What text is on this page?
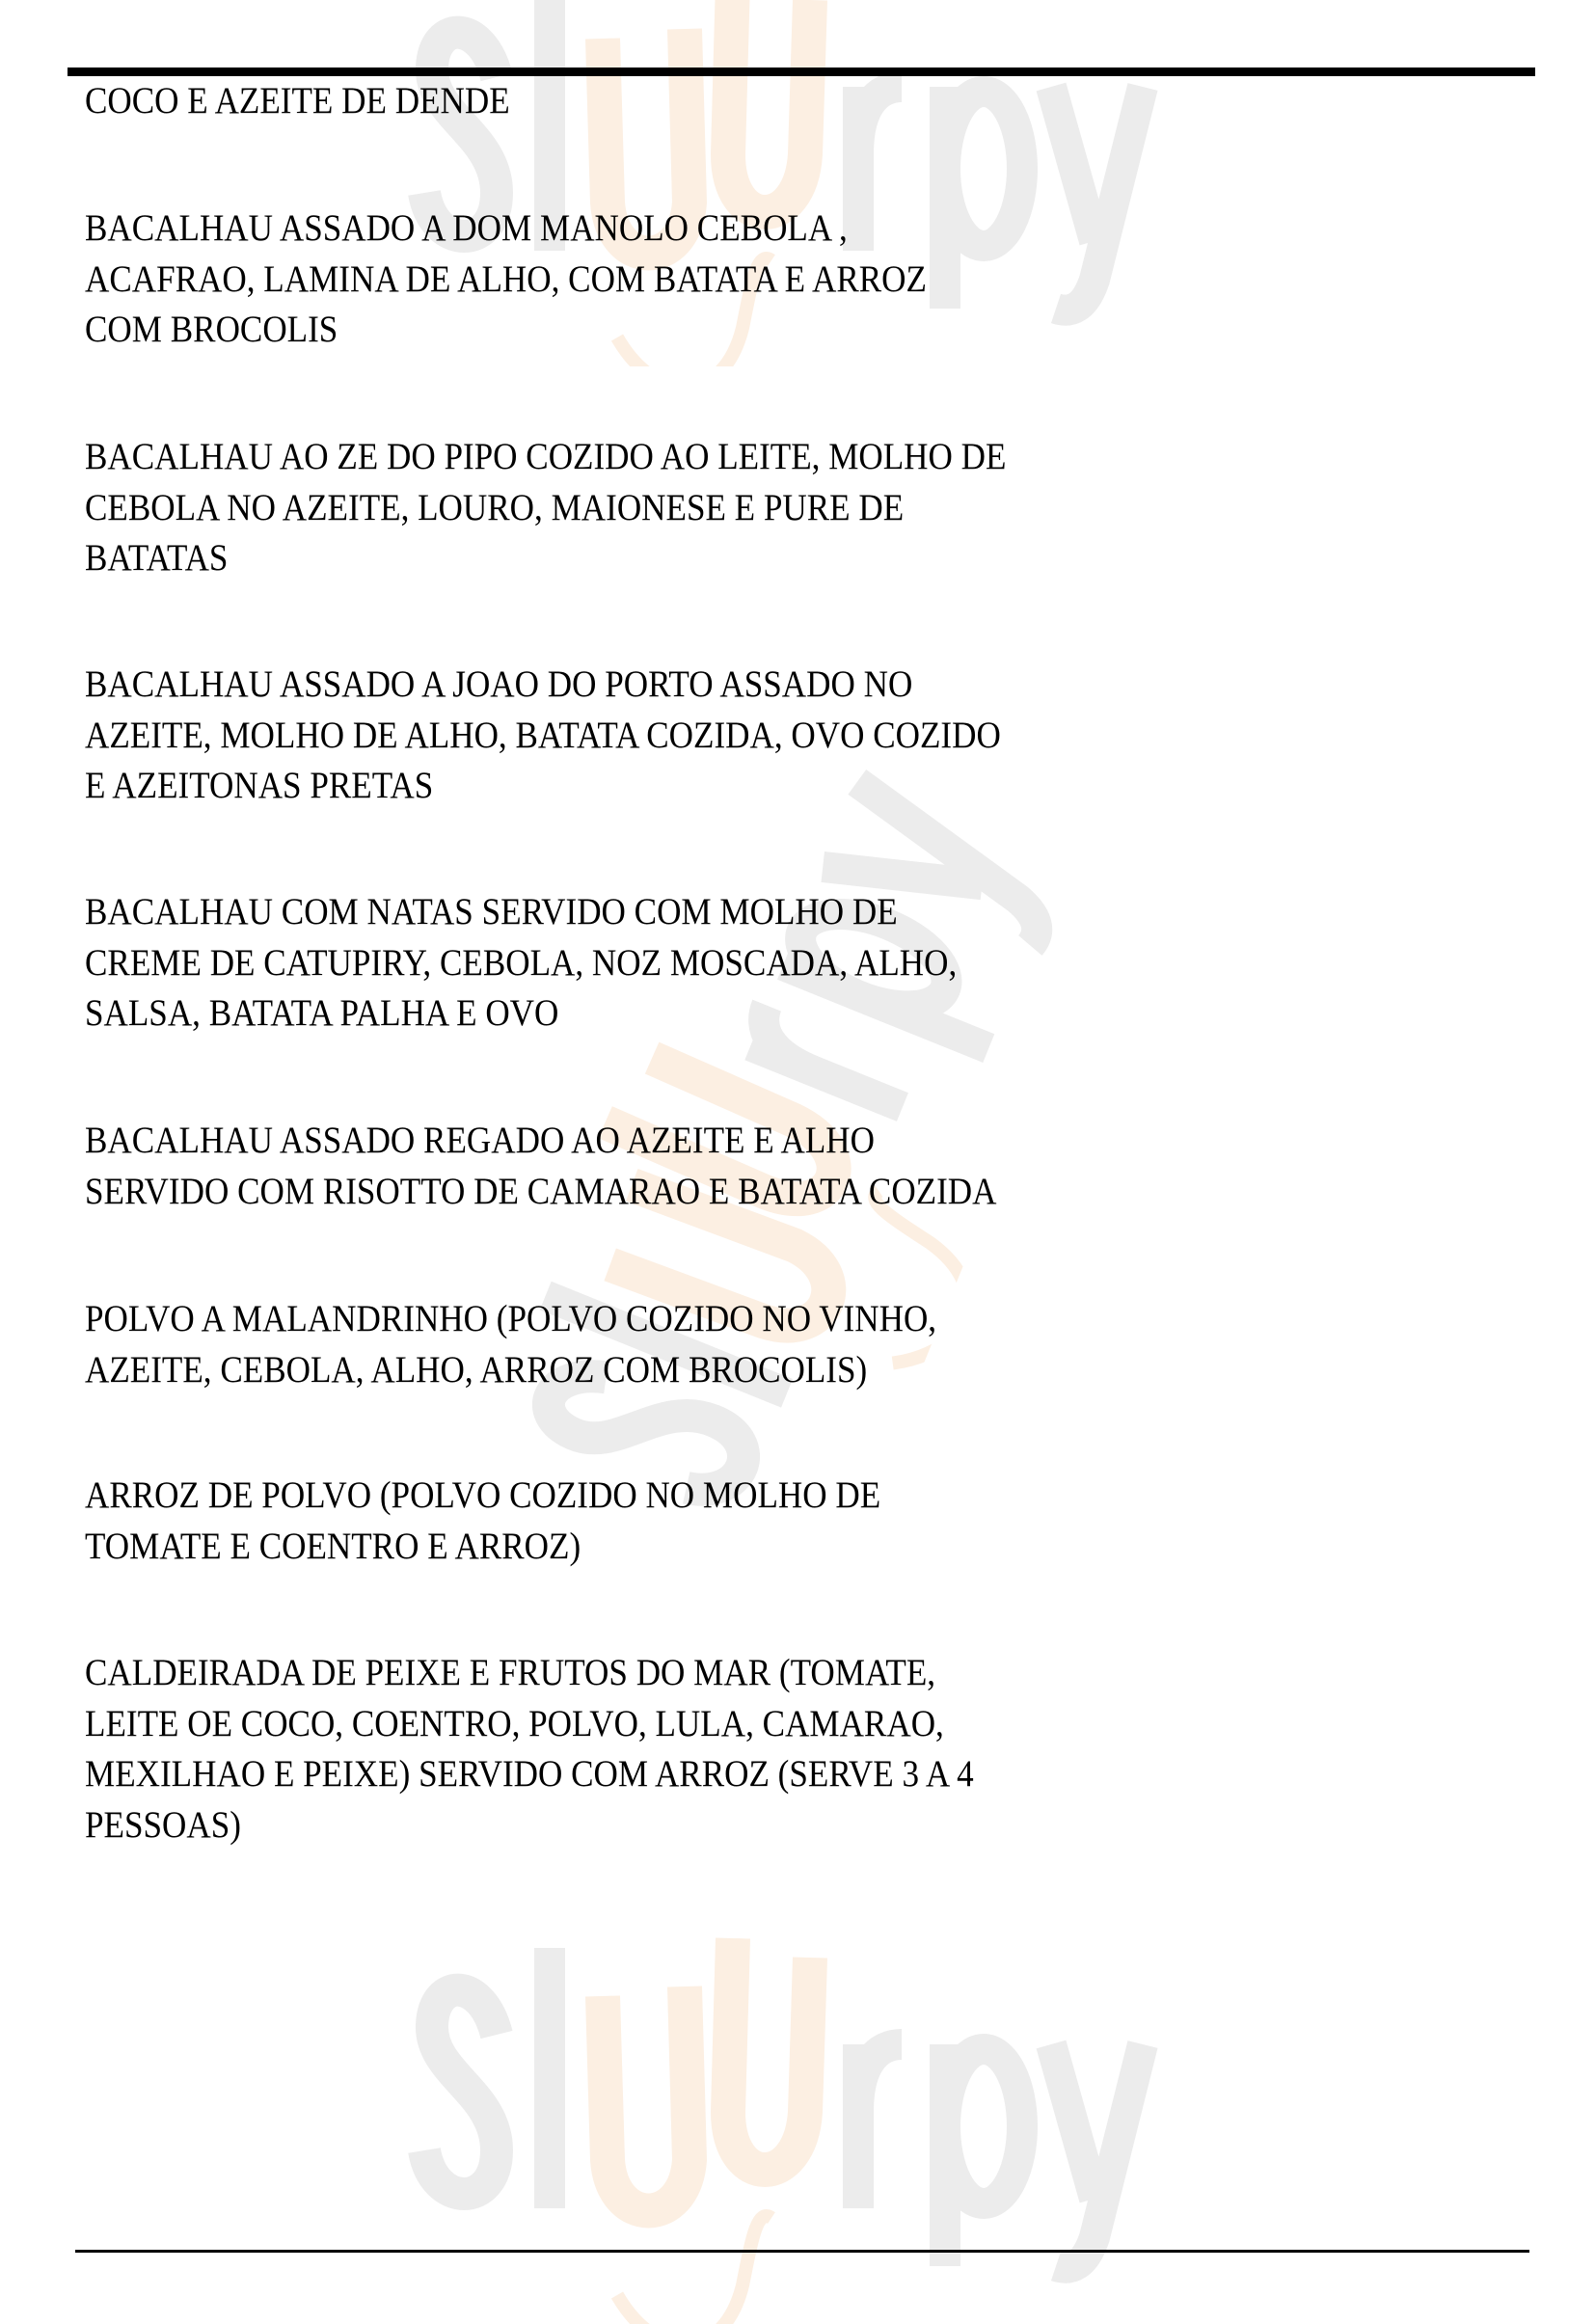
COCO E AZEITE DE DENDE
BACALHAU ASSADO A DOM MANOLO CEBOLA ,
ACAFRAO, LAMINA DE ALHO, COM BATATA E ARROZ
COM BROCOLIS
BACALHAU AO ZE DO PIPO COZIDO AO LEITE, MOLHO DE
CEBOLA NO AZEITE, LOURO, MAIONESE E PURE DE
BATATAS
BACALHAU ASSADO A JOAO DO PORTO ASSADO NO
AZEITE, MOLHO DE ALHO, BATATA COZIDA, OVO COZIDO
E AZEITONAS PRETAS
BACALHAU COM NATAS SERVIDO COM MOLHO DE
CREME DE CATUPIRY, CEBOLA, NOZ MOSCADA, ALHO,
SALSA, BATATA PALHA E OVO
BACALHAU ASSADO REGADO AO AZEITE E ALHO
SERVIDO COM RISOTTO DE CAMARAO E BATATA COZIDA
POLVO A MALANDRINHO (POLVO COZIDO NO VINHO,
AZEITE, CEBOLA, ALHO, ARROZ COM BROCOLIS)
ARROZ DE POLVO (POLVO COZIDO NO MOLHO DE
TOMATE E COENTRO E ARROZ)
CALDEIRADA DE PEIXE E FRUTOS DO MAR (TOMATE,
LEITE OE COCO, COENTRO, POLVO, LULA, CAMARAO,
MEXILHAO E PEIXE) SERVIDO COM ARROZ (SERVE 3 A 4
PESSOAS)
